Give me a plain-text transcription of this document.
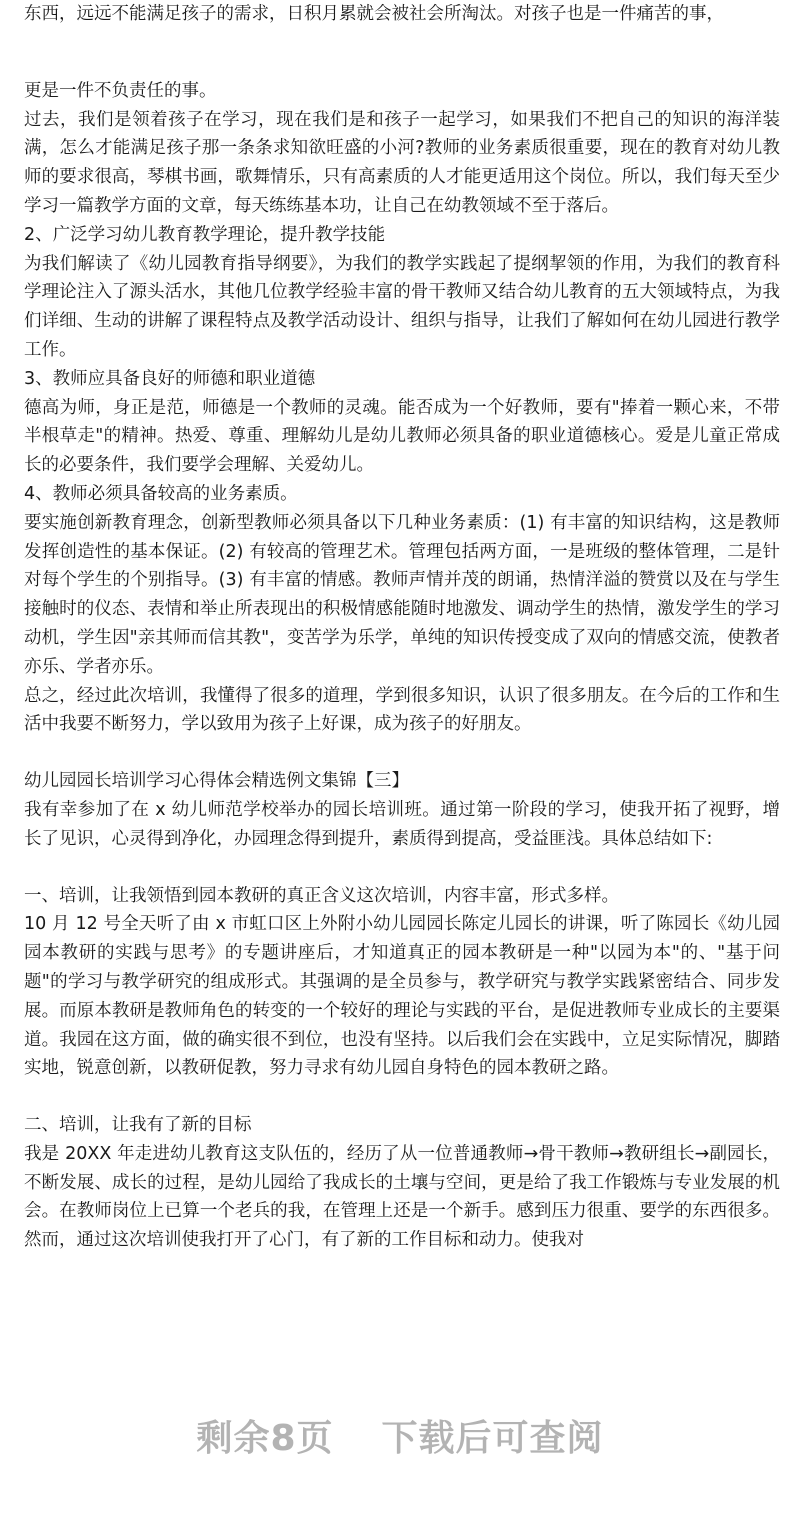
东西，远远不能满足孩子的需求，日积月累就会被社会所淘汰。对孩子也是一件痛苦的事，

更是一件不负责任的事。

过去，我们是领着孩子在学习，现在我们是和孩子一起学习，如果我们不把自己的知识的海洋装满，怎么才能满足孩子那一条条求知欲旺盛的小河?教师的业务素质很重要，现在的教育对幼儿教师的要求很高，琴棋书画，歌舞情乐，只有高素质的人才能更适用这个岗位。所以，我们每天至少学习一篇教学方面的文章，每天练练基本功，让自己在幼教领域不至于落后。

2、广泛学习幼儿教育教学理论，提升教学技能

为我们解读了《幼儿园教育指导纲要》，为我们的教学实践起了提纲挈领的作用，为我们的教育科学理论注入了源头活水，其他几位教学经验丰富的骨干教师又结合幼儿教育的五大领域特点，为我们详细、生动的讲解了课程特点及教学活动设计、组织与指导，让我们了解如何在幼儿园进行教学工作。

3、教师应具备良好的师德和职业道德

德高为师，身正是范，师德是一个教师的灵魂。能否成为一个好教师，要有"捧着一颗心来，不带半根草走"的精神。热爱、尊重、理解幼儿是幼儿教师必须具备的职业道德核心。爱是儿童正常成长的必要条件，我们要学会理解、关爱幼儿。

4、教师必须具备较高的业务素质。

要实施创新教育理念，创新型教师必须具备以下几种业务素质：(1) 有丰富的知识结构，这是教师发挥创造性的基本保证。(2) 有较高的管理艺术。管理包括两方面，一是班级的整体管理，二是针对每个学生的个别指导。(3) 有丰富的情感。教师声情并茂的朗诵，热情洋溢的赞赏以及在与学生接触时的仪态、表情和举止所表现出的积极情感能随时地激发、调动学生的热情，激发学生的学习动机，学生因"亲其师而信其教"，变苦学为乐学，单纯的知识传授变成了双向的情感交流，使教者亦乐、学者亦乐。

总之，经过此次培训，我懂得了很多的道理，学到很多知识，认识了很多朋友。在今后的工作和生活中我要不断努力，学以致用为孩子上好课，成为孩子的好朋友。

幼儿园园长培训学习心得体会精选例文集锦【三】

我有幸参加了在 x 幼儿师范学校举办的园长培训班。通过第一阶段的学习，使我开拓了视野，增长了见识，心灵得到净化，办园理念得到提升，素质得到提高，受益匪浅。具体总结如下:

一、培训，让我领悟到园本教研的真正含义这次培训，内容丰富，形式多样。

10 月 12 号全天听了由 x 市虹口区上外附小幼儿园园长陈定儿园长的讲课，听了陈园长《幼儿园园本教研的实践与思考》的专题讲座后，才知道真正的园本教研是一种"以园为本"的、"基于问题"的学习与教学研究的组成形式。其强调的是全员参与，教学研究与教学实践紧密结合、同步发展。而原本教研是教师角色的转变的一个较好的理论与实践的平台，是促进教师专业成长的主要渠道。我园在这方面，做的确实很不到位，也没有坚持。以后我们会在实践中，立足实际情况，脚踏实地，锐意创新，以教研促教，努力寻求有幼儿园自身特色的园本教研之路。

二、培训，让我有了新的目标

我是 20XX 年走进幼儿教育这支队伍的，经历了从一位普通教师→骨干教师→教研组长→副园长，不断发展、成长的过程，是幼儿园给了我成长的土壤与空间，更是给了我工作锻炼与专业发展的机会。在教师岗位上已算一个老兵的我，在管理上还是一个新手。感到压力很重、要学的东西很多。然而，通过这次培训使我打开了心门，有了新的工作目标和动力。使我对

剩余8页 下载后可查阅
